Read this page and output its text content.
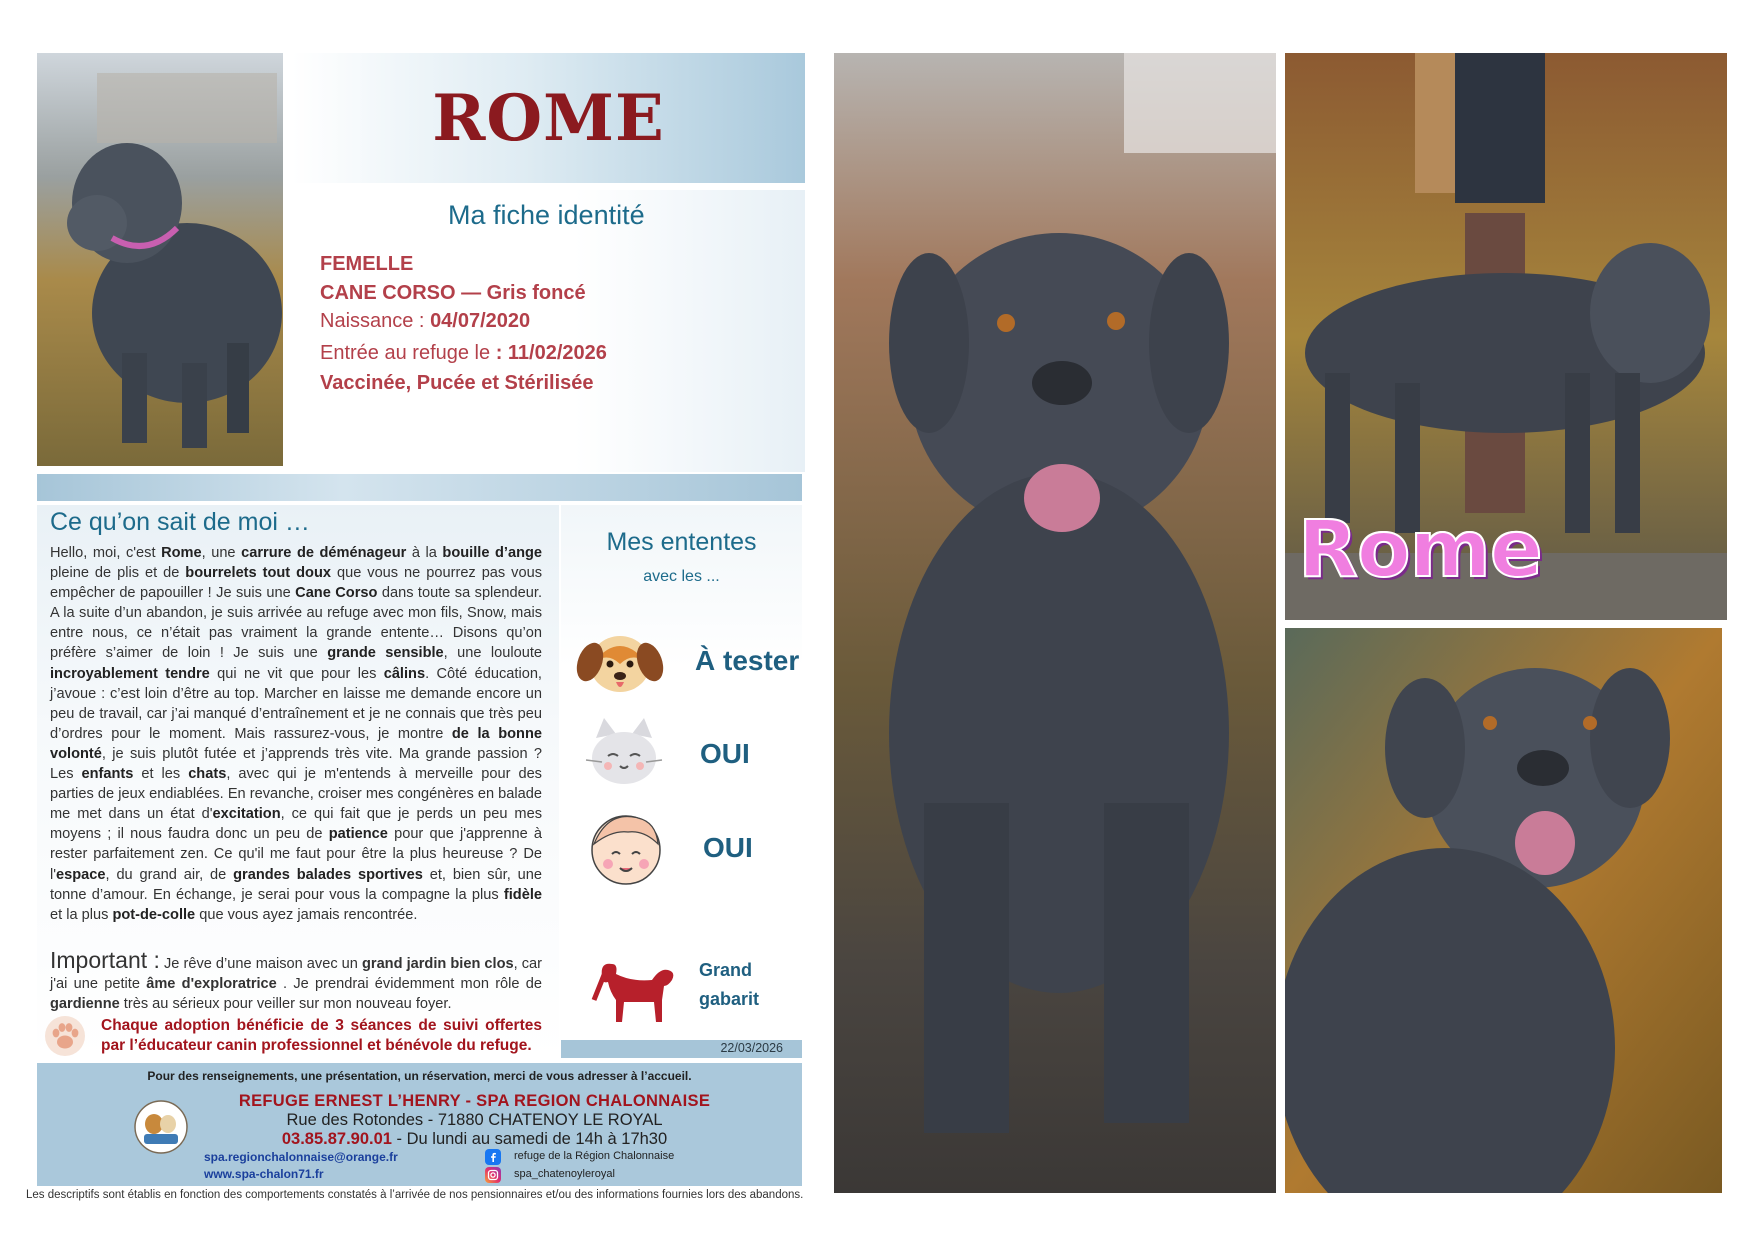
ROME
Ma fiche identité
FEMELLE
CANE CORSO — Gris foncé
Naissance : 04/07/2020
Entrée au refuge le : 11/02/2026
Vaccinée, Pucée et Stérilisée
Ce qu’on sait de moi …
Hello, moi, c'est Rome, une carrure de déménageur à la bouille d’ange pleine de plis et de bourrelets tout doux que vous ne pourrez pas vous empêcher de papouiller ! Je suis une Cane Corso dans toute sa splendeur. A la suite d’un abandon, je suis arrivée au refuge avec mon fils, Snow, mais entre nous, ce n’était pas vraiment la grande entente… Disons qu’on préfère s’aimer de loin ! Je suis une grande sensible, une louloute incroyablement tendre qui ne vit que pour les câlins. Côté éducation, j’avoue : c’est loin d’être au top. Marcher en laisse me demande encore un peu de travail, car j’ai manqué d’entraînement et je ne connais que très peu d’ordres pour le moment. Mais rassurez-vous, je montre de la bonne volonté, je suis plutôt futée et j’apprends très vite. Ma grande passion ? Les enfants et les chats, avec qui je m'entends à merveille pour des parties de jeux endiablées. En revanche, croiser mes congénères en balade me met dans un état d'excitation, ce qui fait que je perds un peu mes moyens ; il nous faudra donc un peu de patience pour que j'apprenne à rester parfaitement zen. Ce qu'il me faut pour être la plus heureuse ? De l'espace, du grand air, de grandes balades sportives et, bien sûr, une tonne d’amour. En échange, je serai pour vous la compagne la plus fidèle et la plus pot-de-colle que vous ayez jamais rencontrée.
Important : Je rêve d’une maison avec un grand jardin bien clos, car j'ai une petite âme d'exploratrice . Je prendrai évidemment mon rôle de gardienne très au sérieux pour veiller sur mon nouveau foyer.
Chaque adoption bénéficie de 3 séances de suivi offertes par l’éducateur canin professionnel et bénévole du refuge.
Mes ententes
avec les ...
À tester
OUI
OUI
Grand
gabarit
22/03/2026
Pour des renseignements, une présentation, un réservation, merci de vous adresser à l’accueil.
REFUGE ERNEST L’HENRY - SPA REGION CHALONNAISE
Rue des Rotondes - 71880 CHATENOY LE ROYAL
03.85.87.90.01 - Du lundi au samedi de 14h à 17h30
spa.regionchalonnaise@orange.fr
www.spa-chalon71.fr
refuge de la Région Chalonnaise
spa_chatenoyleroyal
Les descriptifs sont établis en fonction des comportements constatés à l’arrivée de nos pensionnaires et/ou des informations fournies lors des abandons.
Rome
